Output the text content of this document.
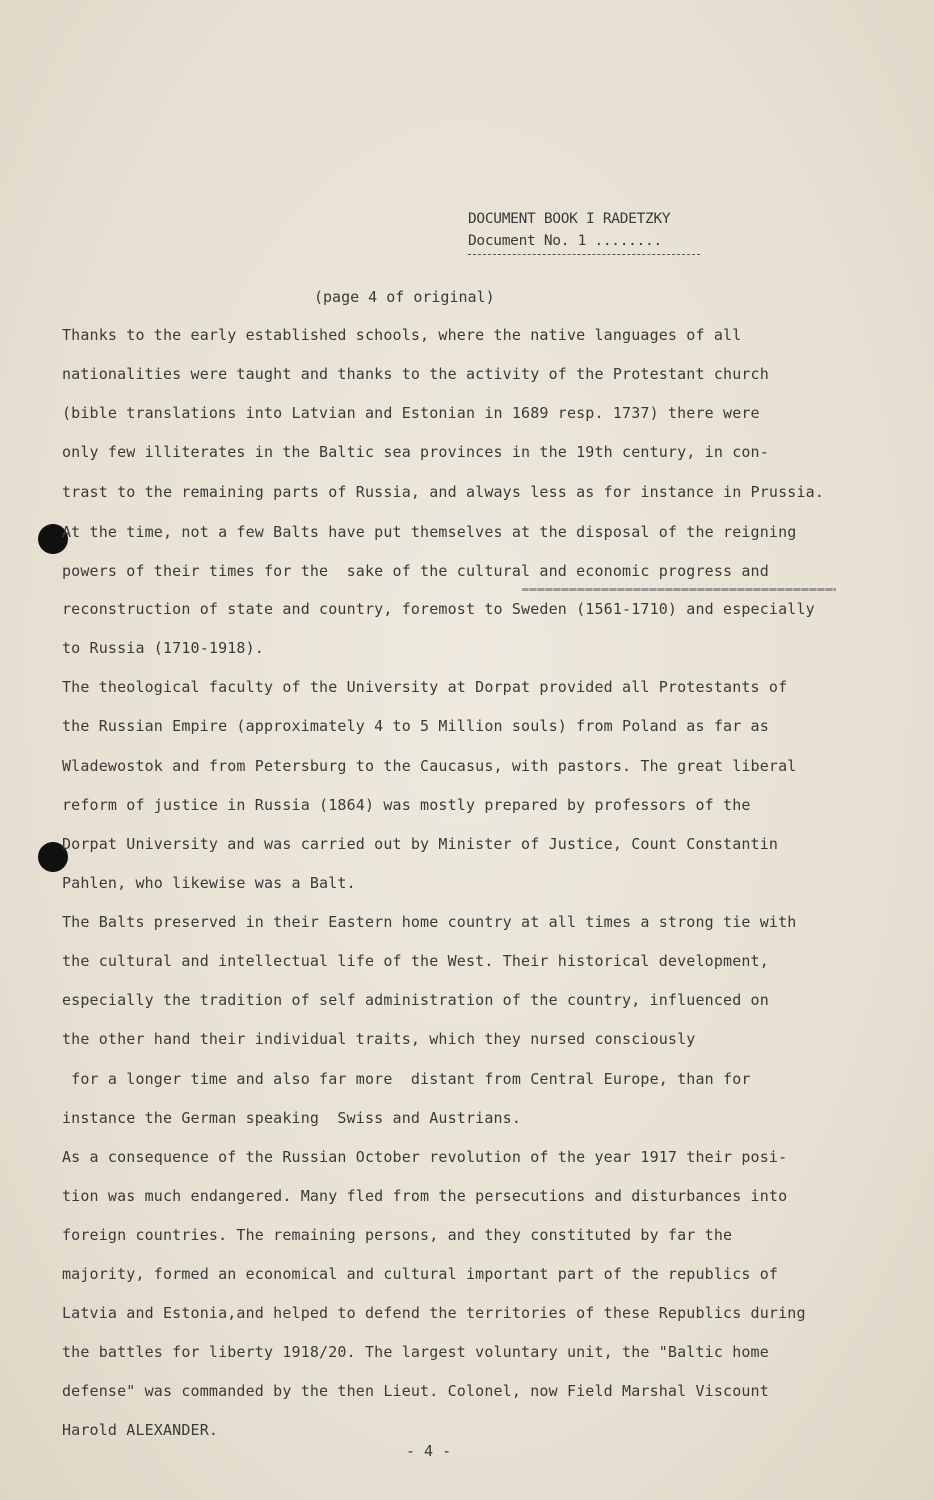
DOCUMENT BOOK I RADETZKY
Document No. 1 ........
(page 4 of original)
Thanks to the early established schools, where the native languages of all
nationalities were taught and thanks to the activity of the Protestant church
(bible translations into Latvian and Estonian in 1689 resp. 1737) there were
only few illiterates in the Baltic sea provinces in the 19th century, in con-
trast to the remaining parts of Russia, and always less as for instance in Prussia.
At the time, not a few Balts have put themselves at the disposal of the reigning
powers of their times for the  sake of the cultural and economic progress and
reconstruction of state and country, foremost to Sweden (1561-1710) and especially
to Russia (1710-1918).
The theological faculty of the University at Dorpat provided all Protestants of
the Russian Empire (approximately 4 to 5 Million souls) from Poland as far as
Wladewostok and from Petersburg to the Caucasus, with pastors. The great liberal
reform of justice in Russia (1864) was mostly prepared by professors of the
Dorpat University and was carried out by Minister of Justice, Count Constantin
Pahlen, who likewise was a Balt.
The Balts preserved in their Eastern home country at all times a strong tie with
the cultural and intellectual life of the West. Their historical development,
especially the tradition of self administration of the country, influenced on
the other hand their individual traits, which they nursed consciously
for a longer time and also far more  distant from Central Europe, than for
instance the German speaking  Swiss and Austrians.
As a consequence of the Russian October revolution of the year 1917 their posi-
tion was much endangered. Many fled from the persecutions and disturbances into
foreign countries. The remaining persons, and they constituted by far the
majority, formed an economical and cultural important part of the republics of
Latvia and Estonia,and helped to defend the territories of these Republics during
the battles for liberty 1918/20. The largest voluntary unit, the "Baltic home
defense" was commanded by the then Lieut. Colonel, now Field Marshal Viscount
Harold ALEXANDER.
- 4 -
